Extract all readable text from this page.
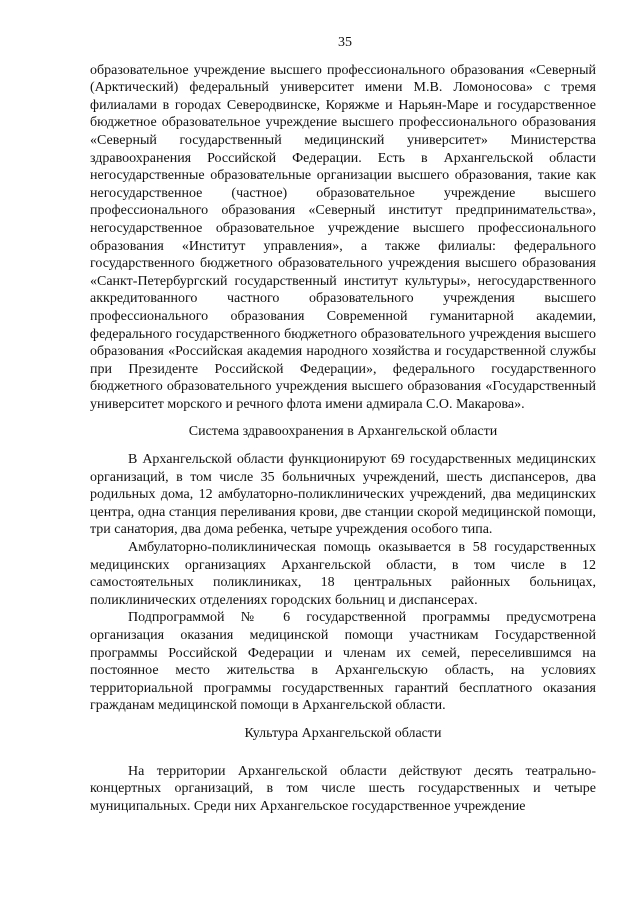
35

образовательное учреждение высшего профессионального образования «Северный (Арктический) федеральный университет имени М.В. Ломоносова» с тремя филиалами в городах Северодвинске, Коряжме и Нарьян-Маре и государственное бюджетное образовательное учреждение высшего профессионального образования «Северный государственный медицинский университет» Министерства здравоохранения Российской Федерации. Есть в Архангельской области негосударственные образовательные организации высшего образования, такие как негосударственное (частное) образовательное учреждение высшего профессионального образования «Северный институт предпринимательства», негосударственное образовательное учреждение высшего профессионального образования «Институт управления», а также филиалы: федерального государственного бюджетного образовательного учреждения высшего образования «Санкт-Петербургский государственный институт культуры», негосударственного аккредитованного частного образовательного учреждения высшего профессионального образования Современной гуманитарной академии, федерального государственного бюджетного образовательного учреждения высшего образования «Российская академия народного хозяйства и государственной службы при Президенте Российской Федерации», федерального государственного бюджетного образовательного учреждения высшего образования «Государственный университет морского и речного флота имени адмирала С.О. Макарова».

Система здравоохранения в Архангельской области

В Архангельской области функционируют 69 государственных медицинских организаций, в том числе 35 больничных учреждений, шесть диспансеров, два родильных дома, 12 амбулаторно-поликлинических учреждений, два медицинских центра, одна станция переливания крови, две станции скорой медицинской помощи, три санатория, два дома ребенка, четыре учреждения особого типа.

Амбулаторно-поликлиническая помощь оказывается в 58 государственных медицинских организациях Архангельской области, в том числе в 12 самостоятельных поликлиниках, 18 центральных районных больницах, поликлинических отделениях городских больниц и диспансерах.

Подпрограммой № 6 государственной программы предусмотрена организация оказания медицинской помощи участникам Государственной программы Российской Федерации и членам их семей, переселившимся на постоянное место жительства в Архангельскую область, на условиях территориальной программы государственных гарантий бесплатного оказания гражданам медицинской помощи в Архангельской области.

Культура Архангельской области

На территории Архангельской области действуют десять театрально-концертных организаций, в том числе шесть государственных и четыре муниципальных. Среди них Архангельское государственное учреждение
